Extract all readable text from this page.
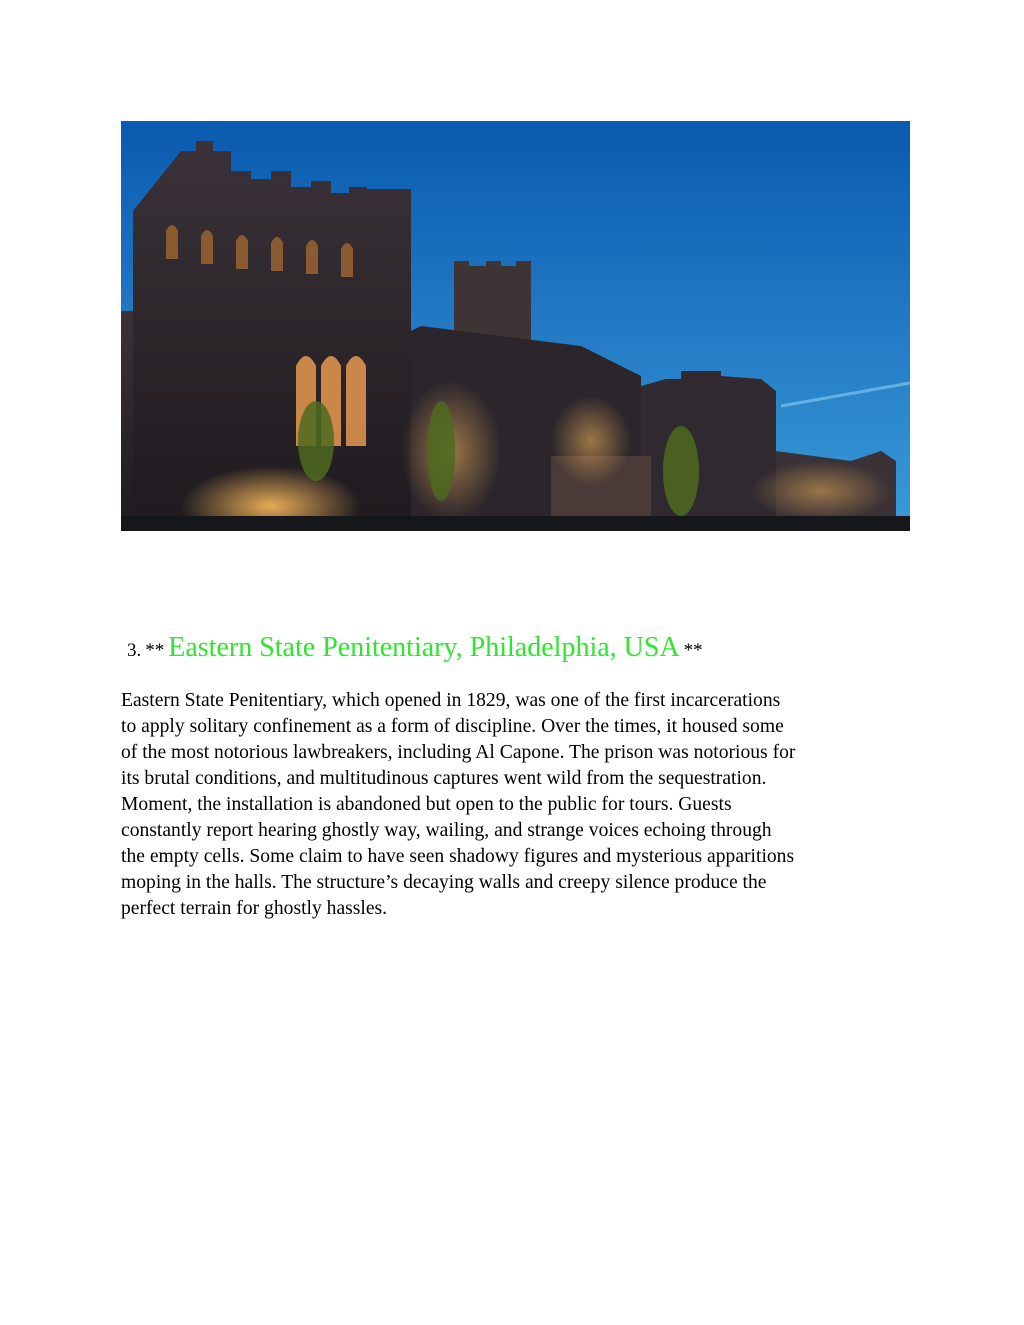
3. ** Eastern State Penitentiary, Philadelphia, USA **
Eastern State Penitentiary, which opened in 1829, was one of the first incarcerations
to apply solitary confinement as a form of discipline. Over the times, it housed some
of the most notorious lawbreakers, including Al Capone. The prison was notorious for
its brutal conditions, and multitudinous captures went wild from the sequestration.
Moment, the installation is abandoned but open to the public for tours. Guests
constantly report hearing ghostly way, wailing, and strange voices echoing through
the empty cells. Some claim to have seen shadowy figures and mysterious apparitions
moping in the halls. The structure’s decaying walls and creepy silence produce the
perfect terrain for ghostly hassles.
